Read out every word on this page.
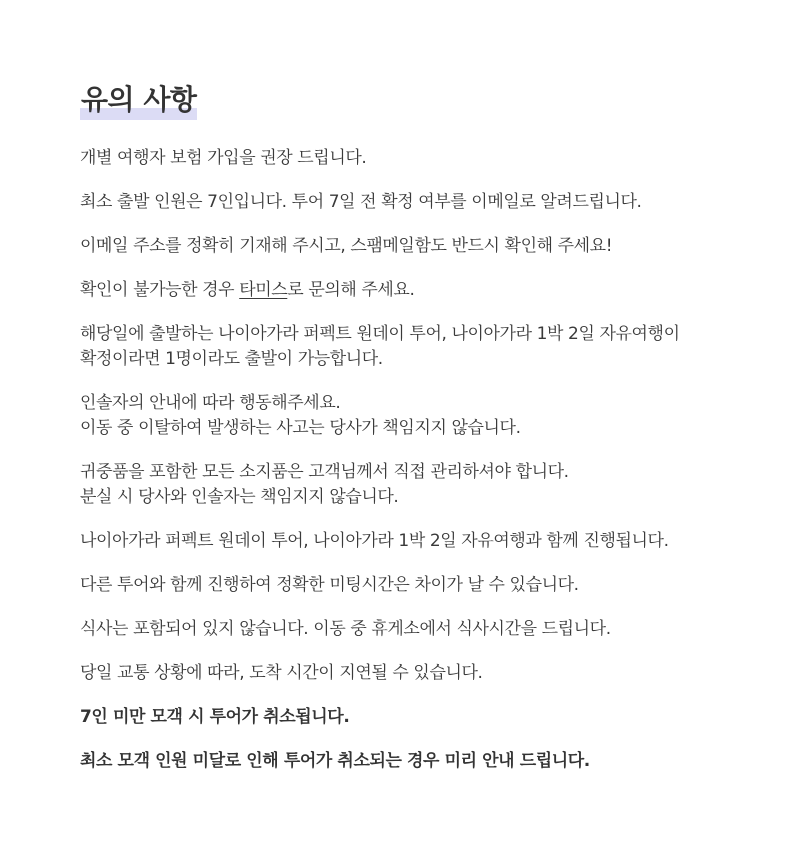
유의 사항
개별 여행자 보험 가입을 권장 드립니다.
최소 출발 인원은 7인입니다. 투어 7일 전 확정 여부를 이메일로 알려드립니다.
이메일 주소를 정확히 기재해 주시고, 스팸메일함도 반드시 확인해 주세요!
확인이 불가능한 경우 타미스로 문의해 주세요.
해당일에 출발하는 나이아가라 퍼펙트 원데이 투어, 나이아가라 1박 2일 자유여행이
확정이라면 1명이라도 출발이 가능합니다.
인솔자의 안내에 따라 행동해주세요.
이동 중 이탈하여 발생하는 사고는 당사가 책임지지 않습니다.
귀중품을 포함한 모든 소지품은 고객님께서 직접 관리하셔야 합니다.
분실 시 당사와 인솔자는 책임지지 않습니다.
나이아가라 퍼펙트 원데이 투어, 나이아가라 1박 2일 자유여행과 함께 진행됩니다.
다른 투어와 함께 진행하여 정확한 미팅시간은 차이가 날 수 있습니다.
식사는 포함되어 있지 않습니다. 이동 중 휴게소에서 식사시간을 드립니다.
당일 교통 상황에 따라, 도착 시간이 지연될 수 있습니다.
7인 미만 모객 시 투어가 취소됩니다.
최소 모객 인원 미달로 인해 투어가 취소되는 경우 미리 안내 드립니다.
